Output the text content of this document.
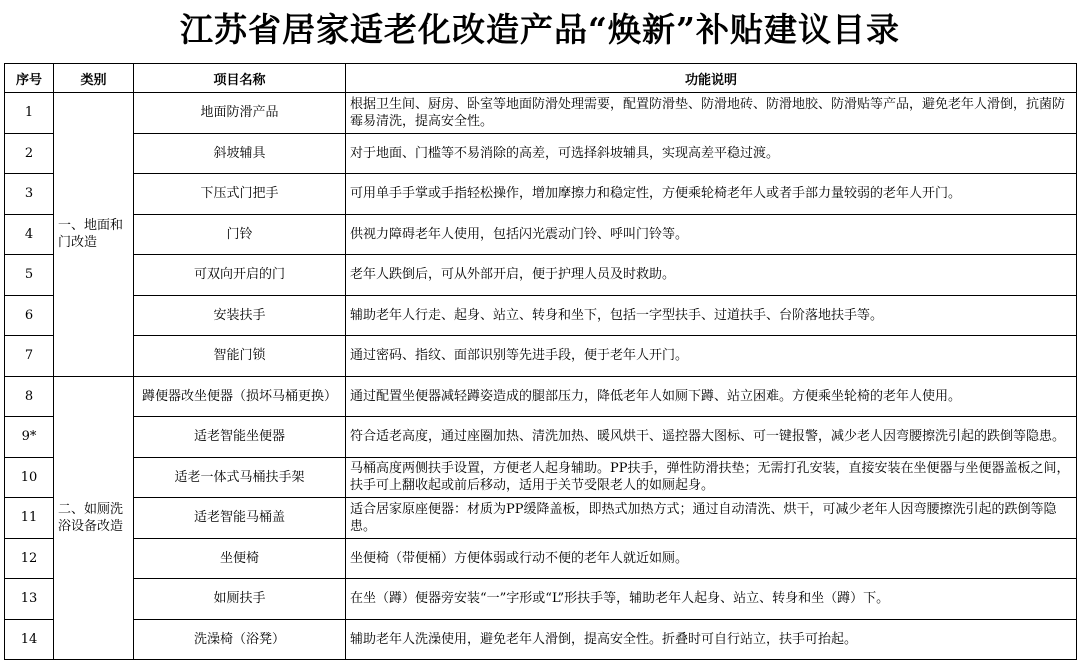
江苏省居家适老化改造产品“焕新”补贴建议目录
序号	类别	项目名称	功能说明
1	一、地面和门改造	地面防滑产品	根据卫生间、厨房、卧室等地面防滑处理需要，配置防滑垫、防滑地砖、防滑地胶、防滑贴等产品，避免老年人滑倒，抗菌防霉易清洗，提高安全性。
2		斜坡辅具	对于地面、门槛等不易消除的高差，可选择斜坡辅具，实现高差平稳过渡。
3		下压式门把手	可用单手手掌或手指轻松操作，增加摩擦力和稳定性，方便乘轮椅老年人或者手部力量较弱的老年人开门。
4		门铃	供视力障碍老年人使用，包括闪光震动门铃、呼叫门铃等。
5		可双向开启的门	老年人跌倒后，可从外部开启，便于护理人员及时救助。
6		安装扶手	辅助老年人行走、起身、站立、转身和坐下，包括一字型扶手、过道扶手、台阶落地扶手等。
7		智能门锁	通过密码、指纹、面部识别等先进手段，便于老年人开门。
8	二、如厕洗浴设备改造	蹲便器改坐便器（损坏马桶更换）	通过配置坐便器减轻蹲姿造成的腿部压力，降低老年人如厕下蹲、站立困难。方便乘坐轮椅的老年人使用。
9*		适老智能坐便器	符合适老高度，通过座圈加热、清洗加热、暖风烘干、遥控器大图标、可一键报警，减少老人因弯腰擦洗引起的跌倒等隐患。
10		适老一体式马桶扶手架	马桶高度两侧扶手设置，方便老人起身辅助。PP扶手，弹性防滑扶垫；无需打孔安装，直接安装在坐便器与坐便器盖板之间，扶手可上翻收起或前后移动，适用于关节受限老人的如厕起身。
11		适老智能马桶盖	适合居家原座便器：材质为PP缓降盖板，即热式加热方式；通过自动清洗、烘干，可减少老年人因弯腰擦洗引起的跌倒等隐患。
12		坐便椅	坐便椅（带便桶）方便体弱或行动不便的老年人就近如厕。
13		如厕扶手	在坐（蹲）便器旁安装“一”字形或“L”形扶手等，辅助老年人起身、站立、转身和坐（蹲）下。
14		洗澡椅（浴凳）	辅助老年人洗澡使用，避免老年人滑倒，提高安全性。折叠时可自行站立，扶手可抬起。
